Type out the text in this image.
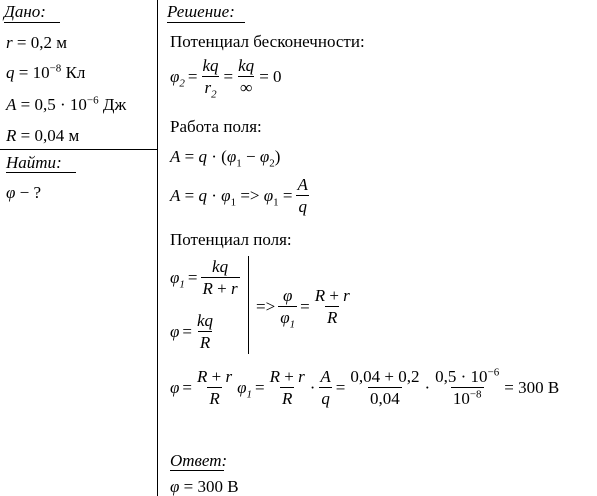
Дано:
r = 0,2 м
$q = 10^{-8}$ Кл
$A = 0,5 \cdot 10^{-6}$ Дж
R = 0,04 м
Найти:
φ − ?
Решение:
Потенциал бесконечности:
$\varphi_2 = \frac{kq}{r_2} = \frac{kq}{\infty} = 0$
Работа поля:
$A = q \cdot (\varphi_1 - \varphi_2)$
$A = q \cdot \varphi_1 => \varphi_1 = \frac{A}{q}$
Потенциал поля:
$\varphi_1 = \frac{kq}{R + r}$
$\varphi = \frac{kq}{R}$
=> $\frac{\varphi}{\varphi_1} = \frac{R + r}{R}$
$\varphi = \frac{R + r}{R} \varphi_1 = \frac{R + r}{R} \cdot \frac{A}{q} = \frac{0,04 + 0,2}{0,04} \cdot \frac{0,5 \cdot 10^{-6}}{10^{-8}} = 300$ В
Ответ:
φ = 300 В
